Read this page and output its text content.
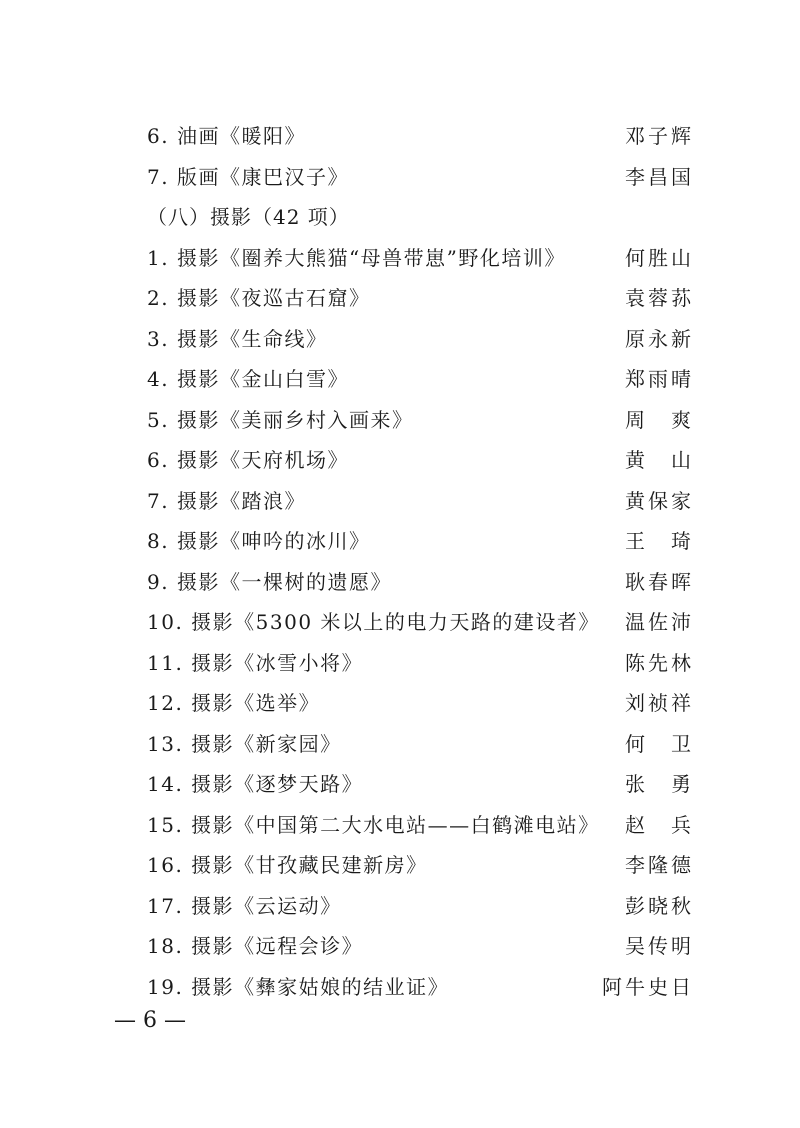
6. 油画《暖阳》	邓子辉
7. 版画《康巴汉子》	李昌国
（八）摄影（42 项）
1. 摄影《圈养大熊猫“母兽带崽”野化培训》	何胜山
2. 摄影《夜巡古石窟》	袁蓉荪
3. 摄影《生命线》	原永新
4. 摄影《金山白雪》	郑雨晴
5. 摄影《美丽乡村入画来》	周　爽
6. 摄影《天府机场》	黄　山
7. 摄影《踏浪》	黄保家
8. 摄影《呻吟的冰川》	王　琦
9. 摄影《一棵树的遗愿》	耿春晖
10. 摄影《5300 米以上的电力天路的建设者》 温佐沛
11. 摄影《冰雪小将》	陈先林
12. 摄影《选举》	刘祯祥
13. 摄影《新家园》	何　卫
14. 摄影《逐梦天路》	张　勇
15. 摄影《中国第二大水电站——白鹤滩电站》 赵　兵
16. 摄影《甘孜藏民建新房》	李隆德
17. 摄影《云运动》	彭晓秋
18. 摄影《远程会诊》	吴传明
19. 摄影《彝家姑娘的结业证》	阿牛史日
— 6 —
